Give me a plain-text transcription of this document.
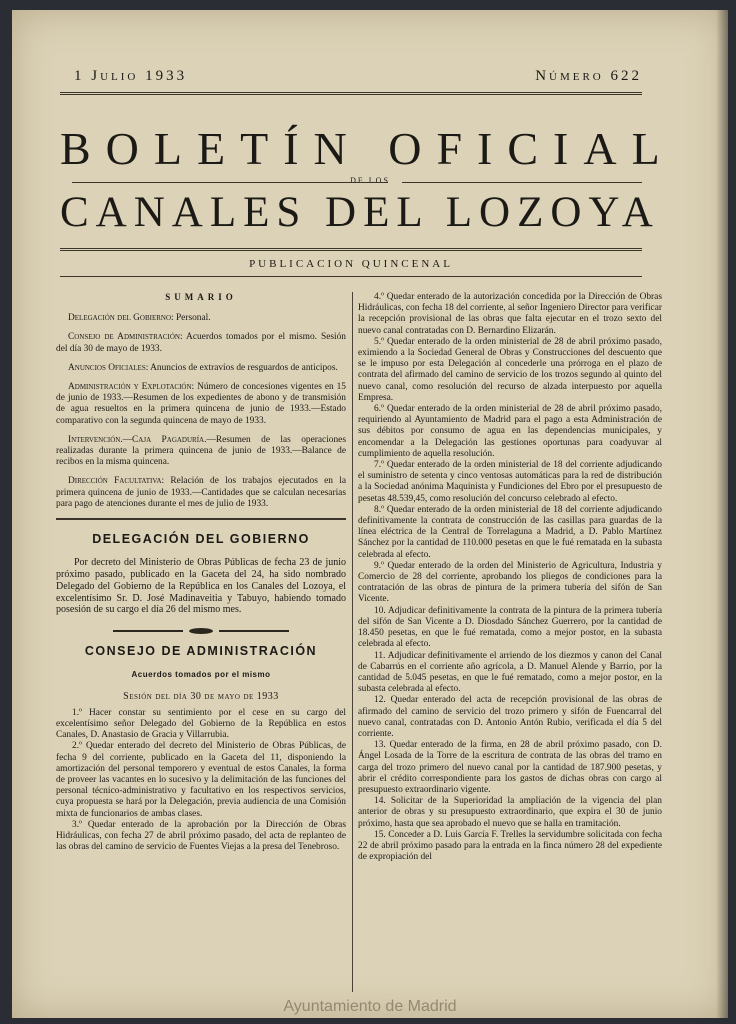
1 Julio 1933	Número 622
BOLETÍN OFICIAL
DE LOS
CANALES DEL LOZOYA
PUBLICACION QUINCENAL
SUMARIO

Delegación del Gobierno: Personal.

Consejo de Administración: Acuerdos tomados por el mismo. Sesión del día 30 de mayo de 1933.

Anuncios Oficiales: Anuncios de extravíos de resguardos de anticipos.

Administración y Explotación: Número de concesiones vigentes en 15 de junio de 1933.—Resumen de los expedientes de abono y de transmisión de agua resueltos en la primera quincena de junio de 1933.—Estado comparativo con la segunda quincena de mayo de 1933.

Intervención.—Caja Pagaduría.—Resumen de las operaciones realizadas durante la primera quincena de junio de 1933.—Balance de recibos en la misma quincena.

Dirección Facultativa: Relación de los trabajos ejecutados en la primera quincena de junio de 1933.—Cantidades que se calculan necesarias para pago de atenciones durante el mes de julio de 1933.

DELEGACIÓN DEL GOBIERNO

Por decreto del Ministerio de Obras Públicas de fecha 23 de junio próximo pasado, publicado en la Gaceta del 24, ha sido nombrado Delegado del Gobierno de la República en los Canales del Lozoya, el excelentísimo Sr. D. José Madinaveitia y Tabuyo, habiendo tomado posesión de su cargo el día 26 del mismo mes.

CONSEJO DE ADMINISTRACIÓN
Acuerdos tomados por el mismo
Sesión del día 30 de mayo de 1933

1.º Hacer constar su sentimiento por el cese en su cargo del excelentísimo señor Delegado del Gobierno de la República en estos Canales, D. Anastasio de Gracia y Villarrubia.

2.º Quedar enterado del decreto del Ministerio de Obras Públicas, de fecha 9 del corriente, publicado en la Gaceta del 11, disponiendo la amortización del personal temporero y eventual de estos Canales, la forma de proveer las vacantes en lo sucesivo y la delimitación de las funciones del personal técnico-administrativo y facultativo en los respectivos servicios, cuya propuesta se hará por la Delegación, previa audiencia de una Comisión mixta de funcionarios de ambas clases.

3.º Quedar enterado de la aprobación por la Dirección de Obras Hidráulicas, con fecha 27 de abril próximo pasado, del acta de replanteo de las obras del camino de servicio de Fuentes Viejas a la presa del Tenebroso.

4.º Quedar enterado de la autorización concedida por la Dirección de Obras Hidráulicas, con fecha 18 del corriente, al señor Ingeniero Director para verificar la recepción provisional de las obras que falta ejecutar en el trozo sexto del nuevo canal contratadas con D. Bernardino Elizarán.

5.º Quedar enterado de la orden ministerial de 28 de abril próximo pasado, eximiendo a la Sociedad General de Obras y Construcciones del descuento que se le impuso por esta Delegación al concederle una prórroga en el plazo de contrata del afirmado del camino de servicio de los trozos segundo al quinto del nuevo canal, como resolución del recurso de alzada interpuesto por aquella Empresa.

6.º Quedar enterado de la orden ministerial de 28 de abril próximo pasado, requiriendo al Ayuntamiento de Madrid para el pago a esta Administración de sus débitos por consumo de agua en las dependencias municipales, y encomendar a la Delegación las gestiones oportunas para coadyuvar al cumplimiento de aquella resolución.

7.º Quedar enterado de la orden ministerial de 18 del corriente adjudicando el suministro de setenta y cinco ventosas automáticas para la red de distribución a la Sociedad anónima Maquinista y Fundiciones del Ebro por el presupuesto de pesetas 48.539,45, como resolución del concurso celebrado al efecto.

8.º Quedar enterado de la orden ministerial de 18 del corriente adjudicando definitivamente la contrata de construcción de las casillas para guardas de la línea eléctrica de la Central de Torrelaguna a Madrid, a D. Pablo Martínez Sánchez por la cantidad de 110.000 pesetas en que le fué rematada en la subasta celebrada al efecto.

9.º Quedar enterado de la orden del Ministerio de Agricultura, Industria y Comercio de 28 del corriente, aprobando los pliegos de condiciones para la contratación de las obras de pintura de la primera tubería del sifón de San Vicente.

10. Adjudicar definitivamente la contrata de la pintura de la primera tubería del sifón de San Vicente a D. Diosdado Sánchez Guerrero, por la cantidad de 18.450 pesetas, en que le fué rematada, como a mejor postor, en la subasta celebrada al efecto.

11. Adjudicar definitivamente el arriendo de los diezmos y canon del Canal de Cabarrús en el corriente año agrícola, a D. Manuel Alende y Barrio, por la cantidad de 5.045 pesetas, en que le fué rematado, como a mejor postor, en la subasta celebrada al efecto.

12. Quedar enterado del acta de recepción provisional de las obras de afirmado del camino de servicio del trozo primero y sifón de Fuencarral del nuevo canal, contratadas con D. Antonio Antón Rubio, verificada el día 5 del corriente.

13. Quedar enterado de la firma, en 28 de abril próximo pasado, con D. Ángel Losada de la Torre de la escritura de contrata de las obras del tramo en carga del trozo primero del nuevo canal por la cantidad de 187.900 pesetas, y abrir el crédito correspondiente para los gastos de dichas obras con cargo al presupuesto extraordinario vigente.

14. Solicitar de la Superioridad la ampliación de la vigencia del plan anterior de obras y su presupuesto extraordinario, que expira el 30 de junio próximo, hasta que sea aprobado el nuevo que se halla en tramitación.

15. Conceder a D. Luis García F. Trelles la servidumbre solicitada con fecha 22 de abril próximo pasado para la entrada en la finca número 28 del expediente de expropiación del

Ayuntamiento de Madrid
